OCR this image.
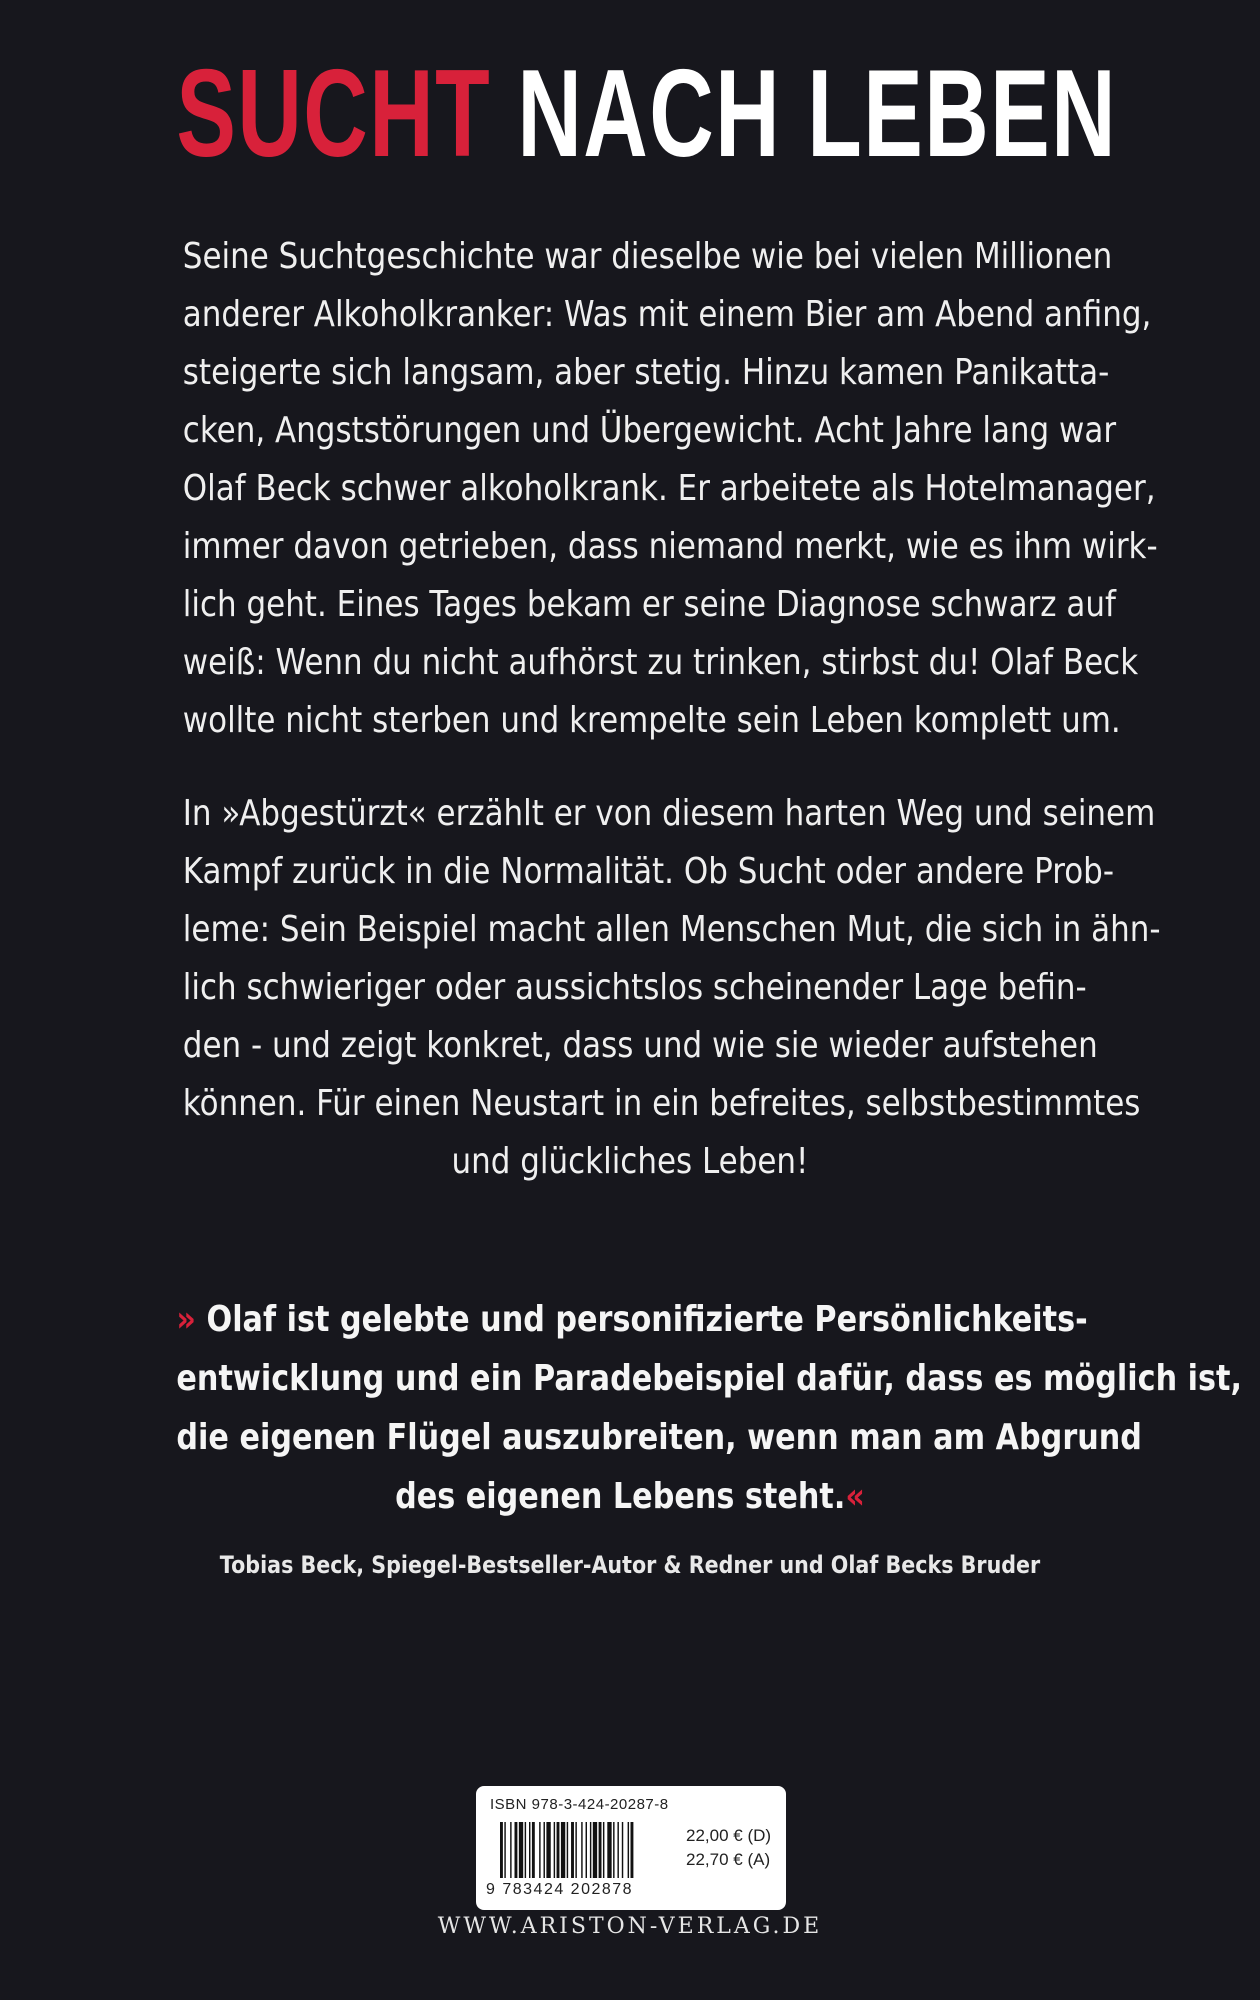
SUCHT NACH LEBEN
Seine Suchtgeschichte war dieselbe wie bei vielen Millionen
anderer Alkoholkranker: Was mit einem Bier am Abend anfing,
steigerte sich langsam, aber stetig. Hinzu kamen Panikatta-
cken, Angststörungen und Übergewicht. Acht Jahre lang war
Olaf Beck schwer alkoholkrank. Er arbeitete als Hotelmanager,
immer davon getrieben, dass niemand merkt, wie es ihm wirk-
lich geht. Eines Tages bekam er seine Diagnose schwarz auf
weiß: Wenn du nicht aufhörst zu trinken, stirbst du! Olaf Beck
wollte nicht sterben und krempelte sein Leben komplett um.
In »Abgestürzt« erzählt er von diesem harten Weg und seinem
Kampf zurück in die Normalität. Ob Sucht oder andere Prob-
leme: Sein Beispiel macht allen Menschen Mut, die sich in ähn-
lich schwieriger oder aussichtslos scheinender Lage befin-
den - und zeigt konkret, dass und wie sie wieder aufstehen
können. Für einen Neustart in ein befreites, selbstbestimmtes
und glückliches Leben!
» Olaf ist gelebte und personifizierte Persönlichkeits-
entwicklung und ein Paradebeispiel dafür, dass es möglich ist,
die eigenen Flügel auszubreiten, wenn man am Abgrund
des eigenen Lebens steht.«
Tobias Beck, Spiegel-Bestseller-Autor & Redner und Olaf Becks Bruder
ISBN 978-3-424-20287-8
9 783424 202878
22,00 € (D)
22,70 € (A)
WWW.ARISTON-VERLAG.DE
